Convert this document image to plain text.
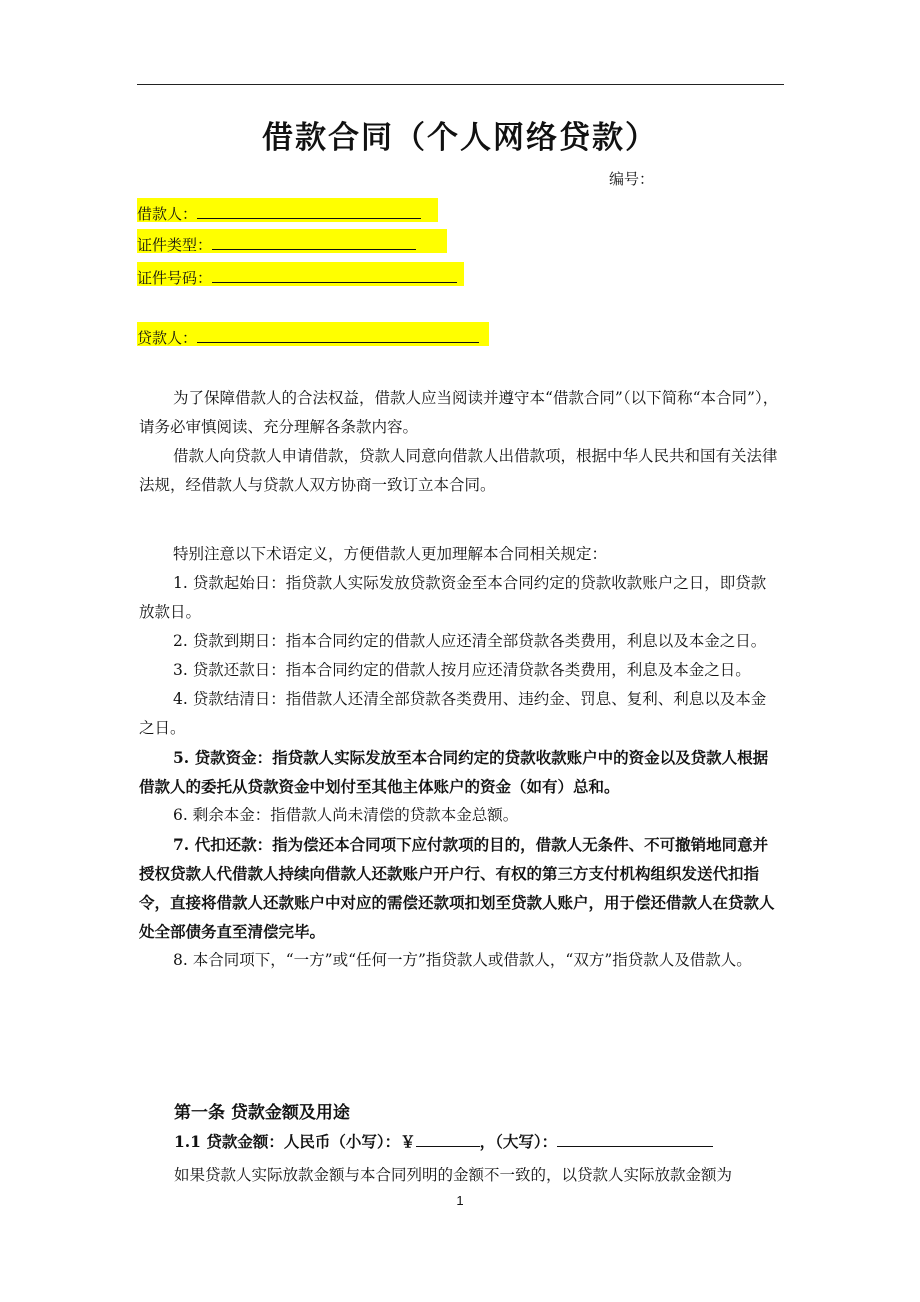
借款合同（个人网络贷款）
编号：
借款人：
证件类型：
证件号码：
贷款人：

为了保障借款人的合法权益，借款人应当阅读并遵守本“借款合同”（以下简称“本合同”），请务必审慎阅读、充分理解各条款内容。

借款人向贷款人申请借款，贷款人同意向借款人出借款项，根据中华人民共和国有关法律法规，经借款人与贷款人双方协商一致订立本合同。

特别注意以下术语定义，方便借款人更加理解本合同相关规定：

1. 贷款起始日：指贷款人实际发放贷款资金至本合同约定的贷款收款账户之日，即贷款放款日。

2. 贷款到期日：指本合同约定的借款人应还清全部贷款各类费用，利息以及本金之日。

3. 贷款还款日：指本合同约定的借款人按月应还清贷款各类费用，利息及本金之日。

4. 贷款结清日：指借款人还清全部贷款各类费用、违约金、罚息、复利、利息以及本金之日。

5. 贷款资金：指贷款人实际发放至本合同约定的贷款收款账户中的资金以及贷款人根据借款人的委托从贷款资金中划付至其他主体账户的资金（如有）总和。

6. 剩余本金：指借款人尚未清偿的贷款本金总额。

7. 代扣还款：指为偿还本合同项下应付款项的目的，借款人无条件、不可撤销地同意并授权贷款人代借款人持续向借款人还款账户开户行、有权的第三方支付机构组织发送代扣指令，直接将借款人还款账户中对应的需偿还款项扣划至贷款人账户，用于偿还借款人在贷款人处全部债务直至清偿完毕。

8. 本合同项下，“一方”或“任何一方”指贷款人或借款人，“双方”指贷款人及借款人。

第一条 贷款金额及用途
1.1 贷款金额：人民币（小写）：￥	，（大写）：
如果贷款人实际放款金额与本合同列明的金额不一致的，以贷款人实际放款金额为
1
